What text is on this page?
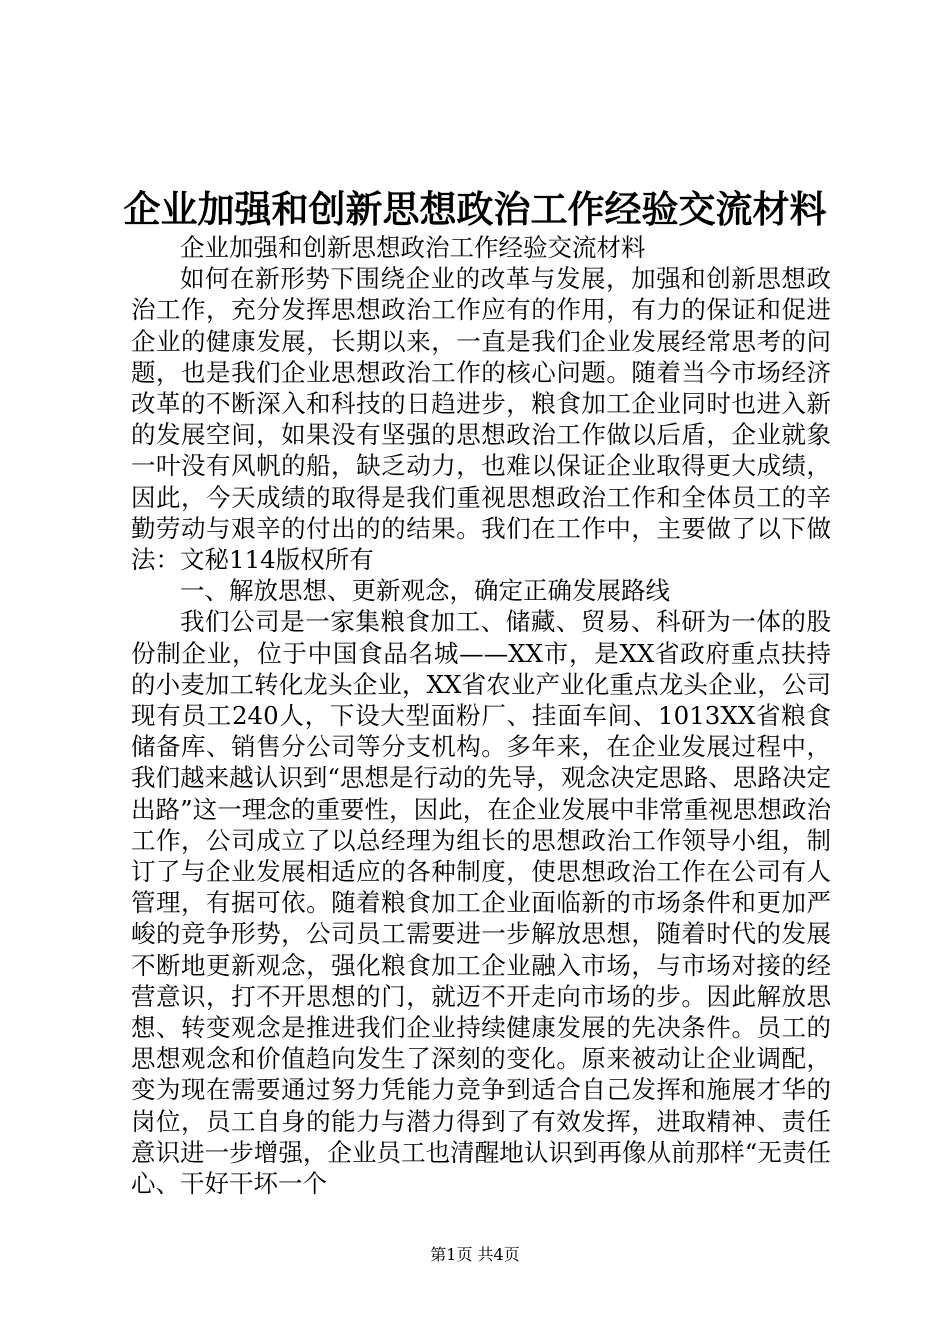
企业加强和创新思想政治工作经验交流材料

企业加强和创新思想政治工作经验交流材料

如何在新形势下围绕企业的改革与发展，加强和创新思想政治工作，充分发挥思想政治工作应有的作用，有力的保证和促进企业的健康发展，长期以来，一直是我们企业发展经常思考的问题，也是我们企业思想政治工作的核心问题。随着当今市场经济改革的不断深入和科技的日趋进步，粮食加工企业同时也进入新的发展空间，如果没有坚强的思想政治工作做以后盾，企业就象一叶没有风帆的船，缺乏动力，也难以保证企业取得更大成绩，因此，今天成绩的取得是我们重视思想政治工作和全体员工的辛勤劳动与艰辛的付出的的结果。我们在工作中，主要做了以下做法：文秘114版权所有

一、解放思想、更新观念，确定正确发展路线

我们公司是一家集粮食加工、储藏、贸易、科研为一体的股份制企业，位于中国食品名城——XX市，是XX省政府重点扶持的小麦加工转化龙头企业，XX省农业产业化重点龙头企业，公司现有员工240人，下设大型面粉厂、挂面车间、1013XX省粮食储备库、销售分公司等分支机构。多年来，在企业发展过程中，我们越来越认识到“思想是行动的先导，观念决定思路、思路决定出路”这一理念的重要性，因此，在企业发展中非常重视思想政治工作，公司成立了以总经理为组长的思想政治工作领导小组，制订了与企业发展相适应的各种制度，使思想政治工作在公司有人管理，有据可依。随着粮食加工企业面临新的市场条件和更加严峻的竞争形势，公司员工需要进一步解放思想，随着时代的发展不断地更新观念，强化粮食加工企业融入市场，与市场对接的经营意识，打不开思想的门，就迈不开走向市场的步。因此解放思想、转变观念是推进我们企业持续健康发展的先决条件。员工的思想观念和价值趋向发生了深刻的变化。原来被动让企业调配，变为现在需要通过努力凭能力竞争到适合自己发挥和施展才华的岗位，员工自身的能力与潜力得到了有效发挥，进取精神、责任意识进一步增强，企业员工也清醒地认识到再像从前那样“无责任心、干好干坏一个

第1页 共4页
